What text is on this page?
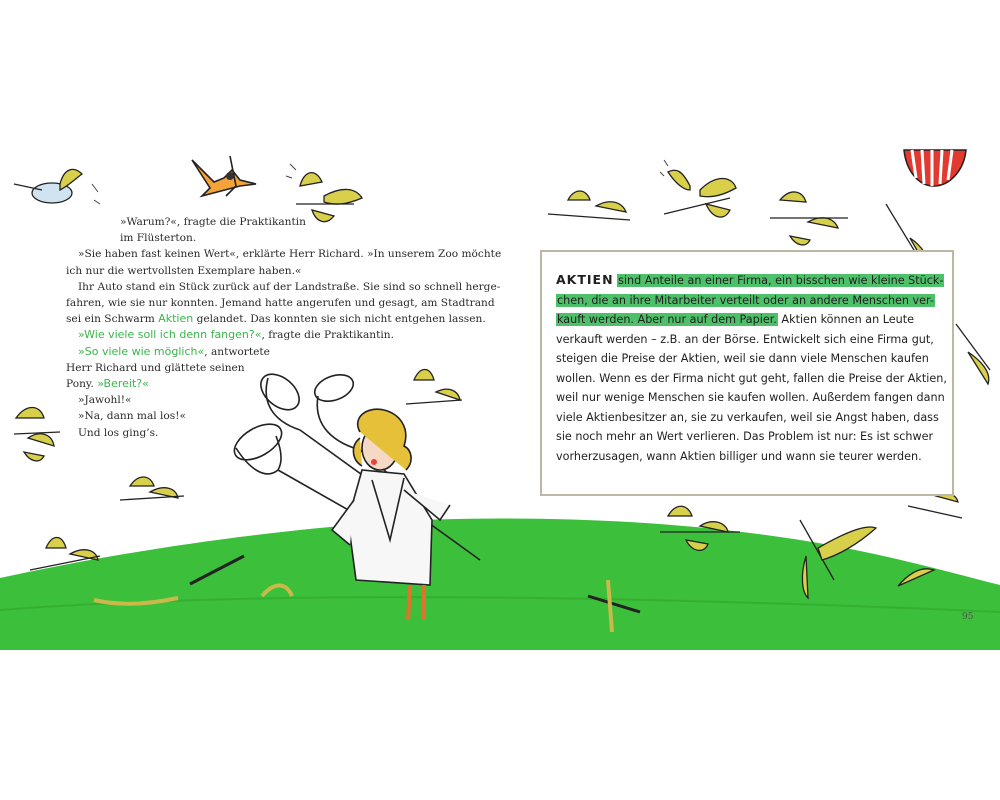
»Warum?«, fragte die Praktikantin

im Flüsterton.

»Sie haben fast keinen Wert«, erklärte Herr Richard. »In unserem Zoo möchte

ich nur die wertvollsten Exemplare haben.«

Ihr Auto stand ein Stück zurück auf der Landstraße. Sie sind so schnell herge-

fahren, wie sie nur konnten. Jemand hatte angerufen und gesagt, am Stadtrand

sei ein Schwarm Aktien gelandet. Das konnten sie sich nicht entgehen lassen.

»Wie viele soll ich denn fangen?«, fragte die Praktikantin.

»So viele wie möglich«, antwortete

Herr Richard und glättete seinen

Pony. »Bereit?«

»Jawohl!«

»Na, dann mal los!«

Und los ging’s.

AKTIEN sind Anteile an einer Firma, ein bisschen wie kleine Stück-

chen, die an ihre Mitarbeiter verteilt oder an andere Menschen ver-

kauft werden. Aber nur auf dem Papier. Aktien können an Leute

verkauft werden – z.B. an der Börse. Entwickelt sich eine Firma gut,

steigen die Preise der Aktien, weil sie dann viele Menschen kaufen

wollen. Wenn es der Firma nicht gut geht, fallen die Preise der Aktien,

weil nur wenige Menschen sie kaufen wollen. Außerdem fangen dann

viele Aktienbesitzer an, sie zu verkaufen, weil sie Angst haben, dass

sie noch mehr an Wert verlieren. Das Problem ist nur: Es ist schwer

vorherzusagen, wann Aktien billiger und wann sie teurer werden.

95
